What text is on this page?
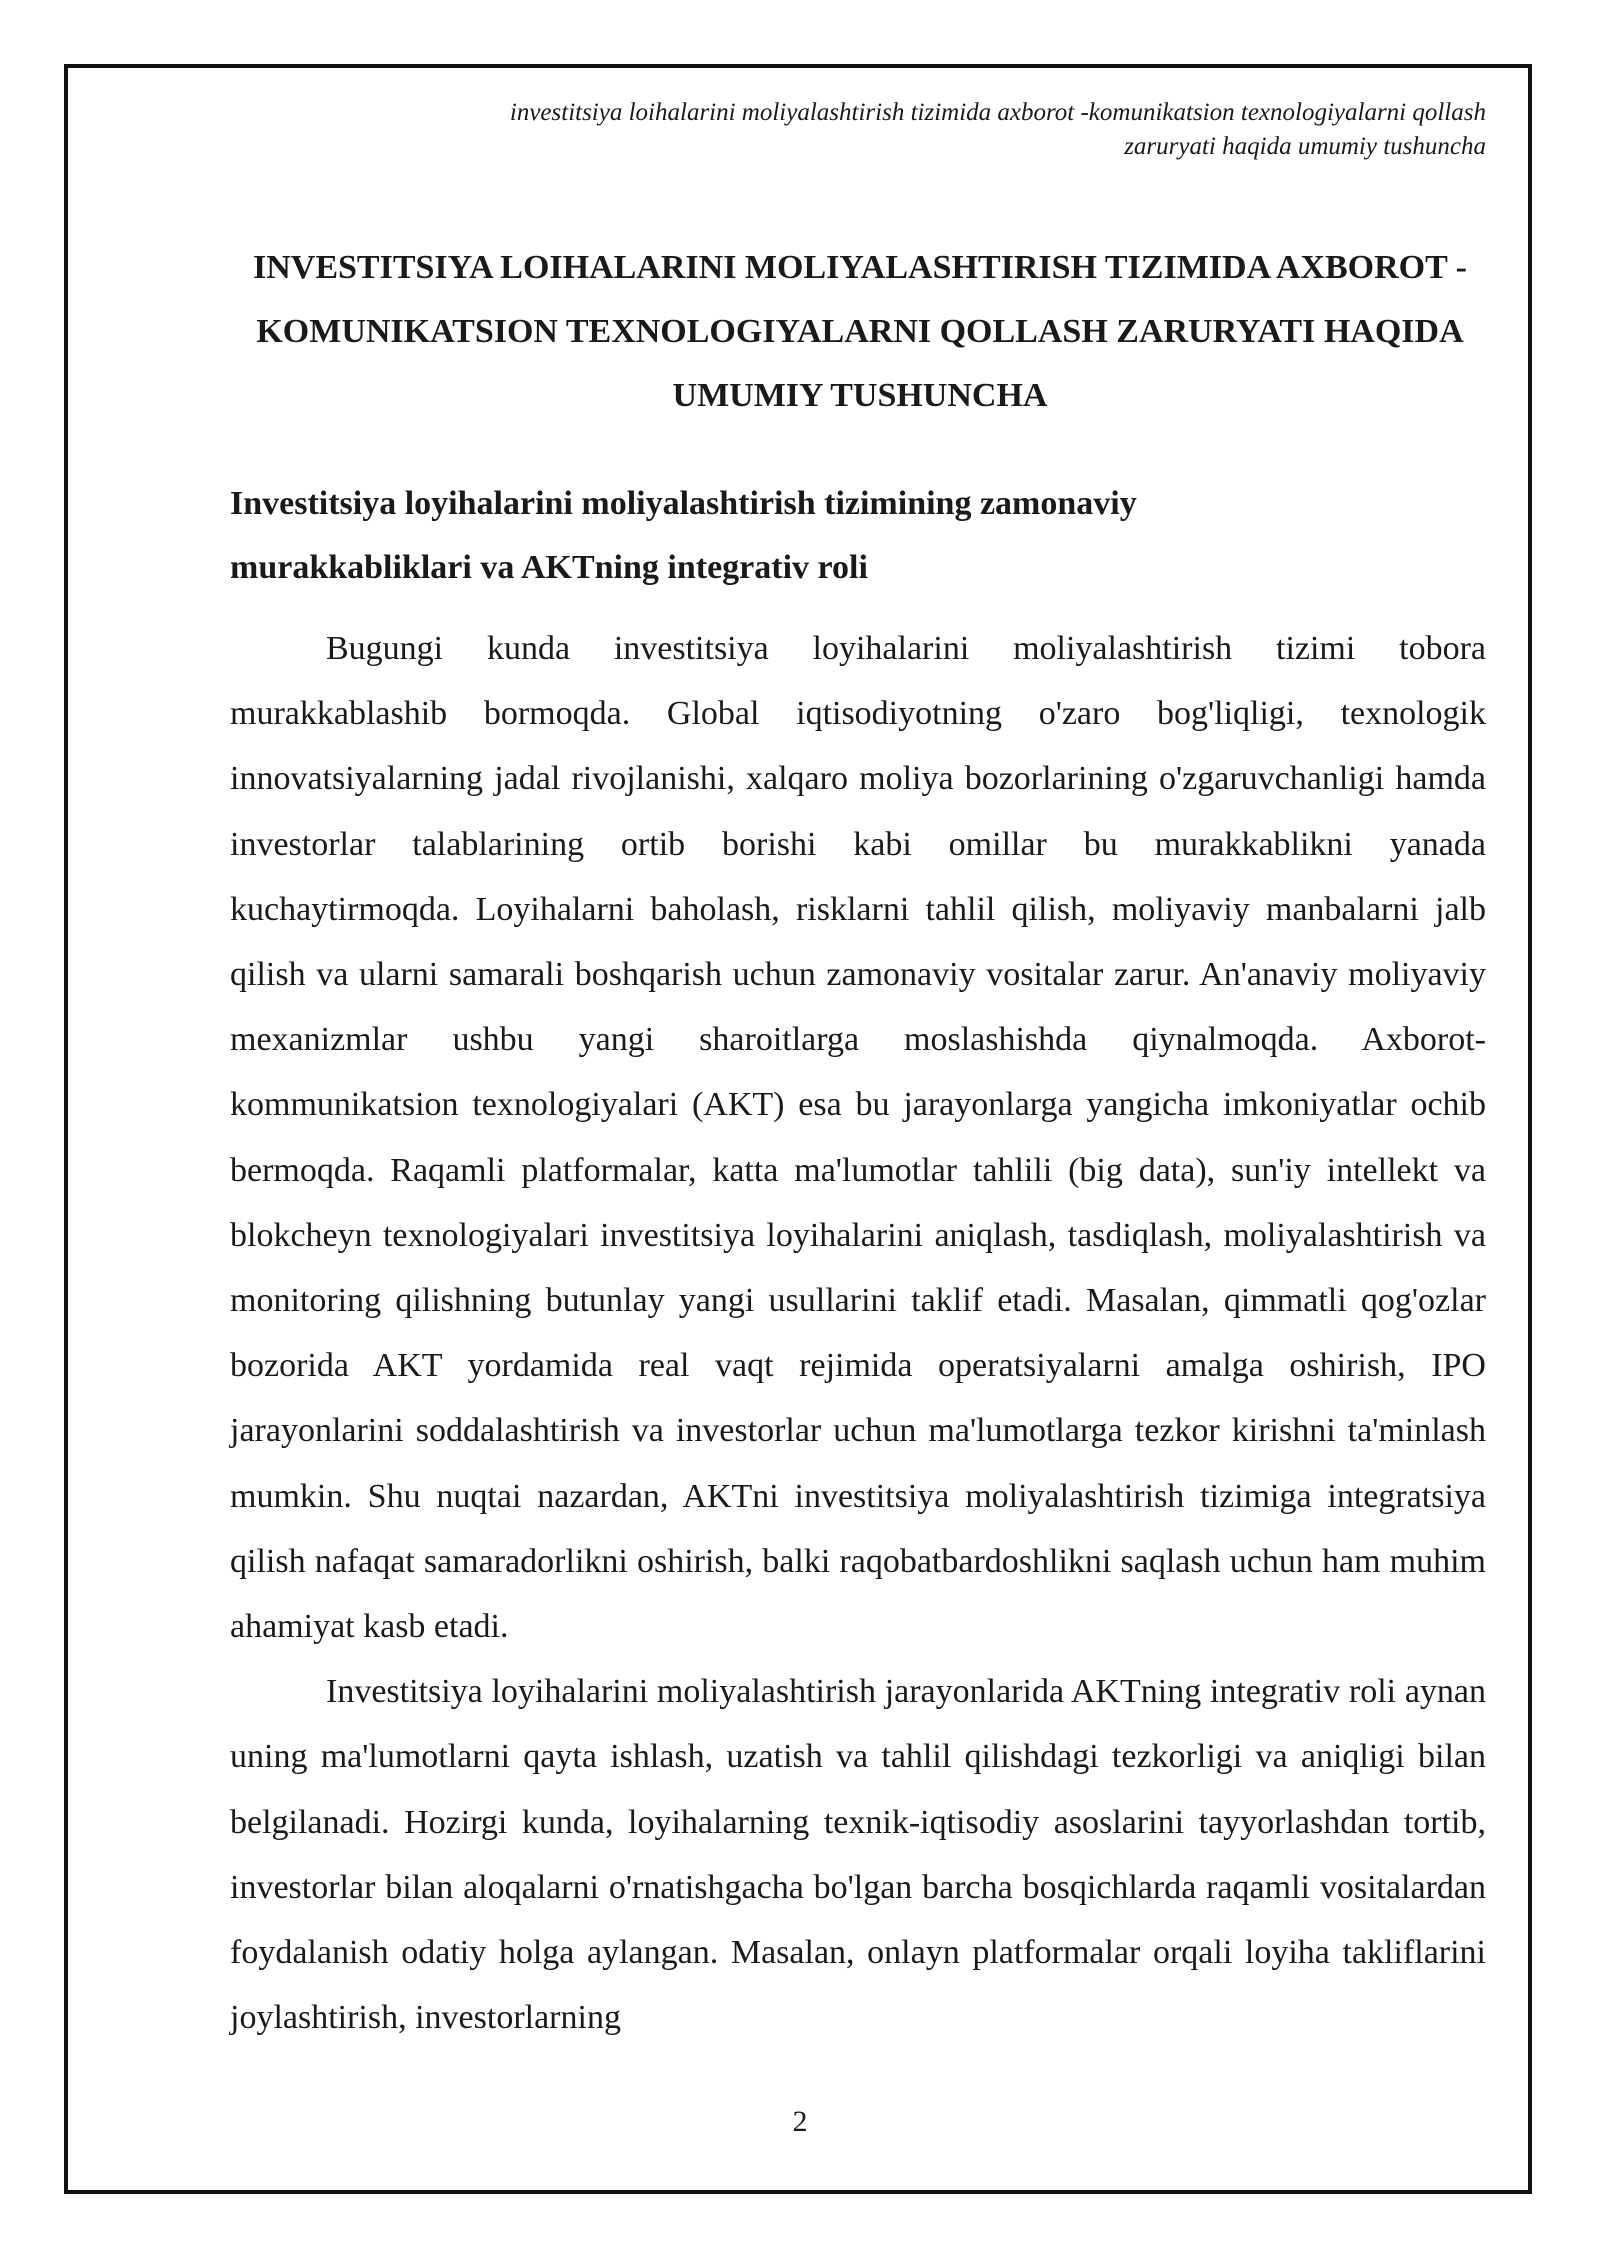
investitsiya loihalarini moliyalashtirish tizimida axborot -komunikatsion texnologiyalarni qollash
zaruryati haqida umumiy tushuncha
INVESTITSIYA LOIHALARINI MOLIYALASHTIRISH TIZIMIDA AXBOROT -KOMUNIKATSION TEXNOLOGIYALARNI QOLLASH ZARURYATI HAQIDA UMUMIY TUSHUNCHA
Investitsiya loyihalarini moliyalashtirish tizimining zamonaviy murakkabliklari va AKTning integrativ roli

Bugungi kunda investitsiya loyihalarini moliyalashtirish tizimi tobora murakkablashib bormoqda. Global iqtisodiyotning o'zaro bog'liqligi, texnologik innovatsiyalarning jadal rivojlanishi, xalqaro moliya bozorlarining o'zgaruvchanligi hamda investorlar talablarining ortib borishi kabi omillar bu murakkablikni yanada kuchaytirmoqda. Loyihalarni baholash, risklarni tahlil qilish, moliyaviy manbalarni jalb qilish va ularni samarali boshqarish uchun zamonaviy vositalar zarur. An'anaviy moliyaviy mexanizmlar ushbu yangi sharoitlarga moslashishda qiynalmoqda. Axborot-kommunikatsion texnologiyalari (AKT) esa bu jarayonlarga yangicha imkoniyatlar ochib bermoqda. Raqamli platformalar, katta ma'lumotlar tahlili (big data), sun'iy intellekt va blokcheyn texnologiyalari investitsiya loyihalarini aniqlash, tasdiqlash, moliyalashtirish va monitoring qilishning butunlay yangi usullarini taklif etadi. Masalan, qimmatli qog'ozlar bozorida AKT yordamida real vaqt rejimida operatsiyalarni amalga oshirish, IPO jarayonlarini soddalashtirish va investorlar uchun ma'lumotlarga tezkor kirishni ta'minlash mumkin. Shu nuqtai nazardan, AKTni investitsiya moliyalashtirish tizimiga integratsiya qilish nafaqat samaradorlikni oshirish, balki raqobatbardoshlikni saqlash uchun ham muhim ahamiyat kasb etadi.

Investitsiya loyihalarini moliyalashtirish jarayonlarida AKTning integrativ roli aynan uning ma'lumotlarni qayta ishlash, uzatish va tahlil qilishdagi tezkorligi va aniqligi bilan belgilanadi. Hozirgi kunda, loyihalarning texnik-iqtisodiy asoslarini tayyorlashdan tortib, investorlar bilan aloqalarni o'rnatishgacha bo'lgan barcha bosqichlarda raqamli vositalardan foydalanish odatiy holga aylangan. Masalan, onlayn platformalar orqali loyiha takliflarini joylashtirish, investorlarning

2
